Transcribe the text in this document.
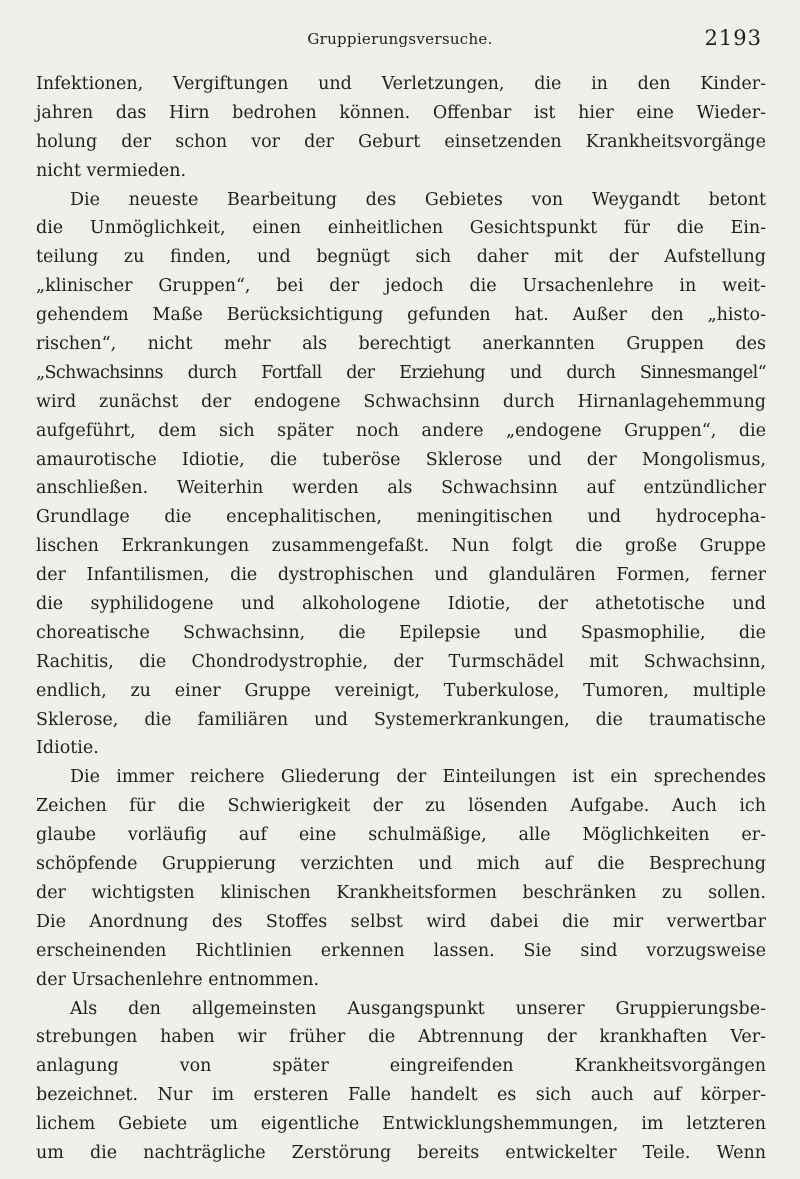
Gruppierungsversuche.	2193

Infektionen, Vergiftungen und Verletzungen, die in den Kinder-
jahren das Hirn bedrohen können. Offenbar ist hier eine Wieder-
holung der schon vor der Geburt einsetzenden Krankheitsvorgänge
nicht vermieden.

Die neueste Bearbeitung des Gebietes von Weygandt betont
die Unmöglichkeit, einen einheitlichen Gesichtspunkt für die Ein-
teilung zu finden, und begnügt sich daher mit der Aufstellung
„klinischer Gruppen“, bei der jedoch die Ursachenlehre in weit-
gehendem Maße Berücksichtigung gefunden hat. Außer den „histo-
rischen“, nicht mehr als berechtigt anerkannten Gruppen des
„Schwachsinns durch Fortfall der Erziehung und durch Sinnesmangel“
wird zunächst der endogene Schwachsinn durch Hirnanlagehemmung
aufgeführt, dem sich später noch andere „endogene Gruppen“, die
amaurotische Idiotie, die tuberöse Sklerose und der Mongolismus,
anschließen. Weiterhin werden als Schwachsinn auf entzündlicher
Grundlage die encephalitischen, meningitischen und hydrocepha-
lischen Erkrankungen zusammengefaßt. Nun folgt die große Gruppe
der Infantilismen, die dystrophischen und glandulären Formen, ferner
die syphilidogene und alkohologene Idiotie, der athetotische und
choreatische Schwachsinn, die Epilepsie und Spasmophilie, die
Rachitis, die Chondrodystrophie, der Turmschädel mit Schwachsinn,
endlich, zu einer Gruppe vereinigt, Tuberkulose, Tumoren, multiple
Sklerose, die familiären und Systemerkrankungen, die traumatische
Idiotie.

Die immer reichere Gliederung der Einteilungen ist ein sprechendes
Zeichen für die Schwierigkeit der zu lösenden Aufgabe. Auch ich
glaube vorläufig auf eine schulmäßige, alle Möglichkeiten er-
schöpfende Gruppierung verzichten und mich auf die Besprechung
der wichtigsten klinischen Krankheitsformen beschränken zu sollen.
Die Anordnung des Stoffes selbst wird dabei die mir verwertbar
erscheinenden Richtlinien erkennen lassen. Sie sind vorzugsweise
der Ursachenlehre entnommen.

Als den allgemeinsten Ausgangspunkt unserer Gruppierungsbe-
strebungen haben wir früher die Abtrennung der krankhaften Ver-
anlagung von später eingreifenden Krankheitsvorgängen
bezeichnet. Nur im ersteren Falle handelt es sich auch auf körper-
lichem Gebiete um eigentliche Entwicklungshemmungen, im letzteren
um die nachträgliche Zerstörung bereits entwickelter Teile. Wenn
